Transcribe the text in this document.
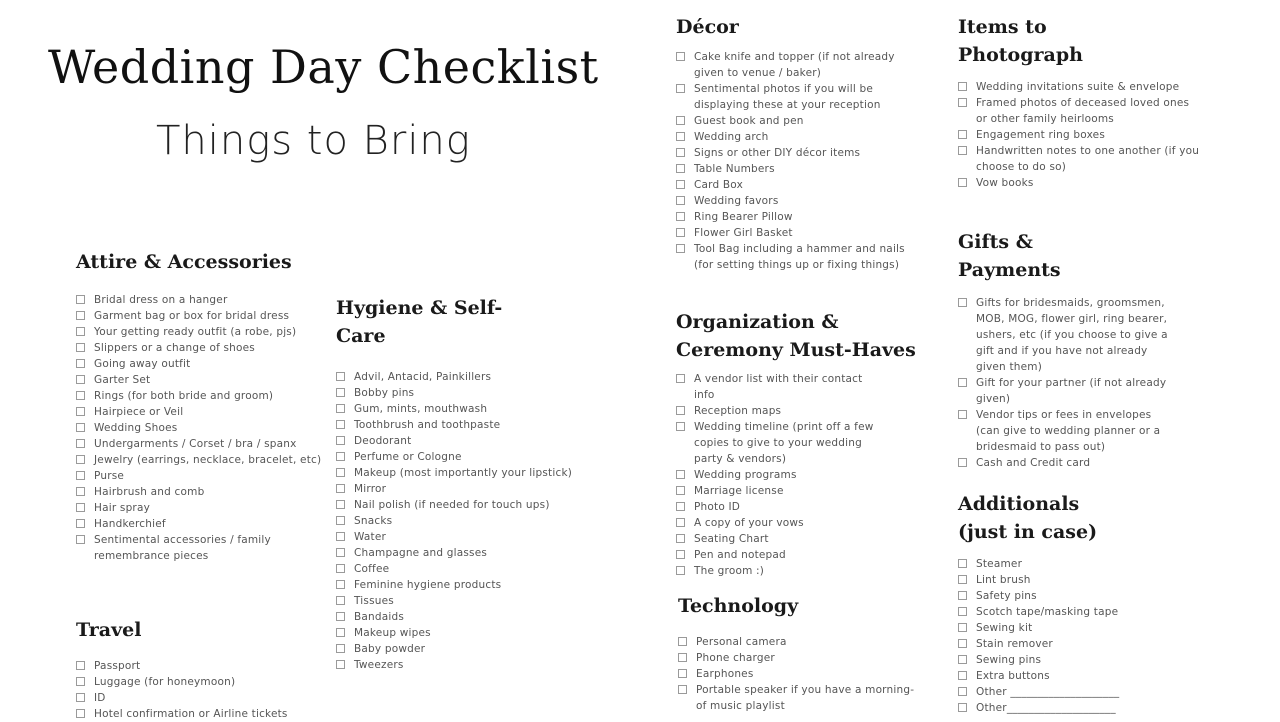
Wedding Day Checklist
Things to Bring
Attire & Accessories
Bridal dress on a hanger
Garment bag or box for bridal dress
Your getting ready outfit (a robe, pjs)
Slippers or a change of shoes
Going away outfit
Garter Set
Rings (for both bride and groom)
Hairpiece or Veil
Wedding Shoes
Undergarments / Corset / bra / spanx
Jewelry (earrings, necklace, bracelet, etc)
Purse
Hairbrush and comb
Hair spray
Handkerchief
Sentimental accessories / family
remembrance pieces
Travel
Passport
Luggage (for honeymoon)
ID
Hotel confirmation or Airline tickets
Hygiene & Self-
Care
Advil, Antacid, Painkillers
Bobby pins
Gum, mints, mouthwash
Toothbrush and toothpaste
Deodorant
Perfume or Cologne
Makeup (most importantly your lipstick)
Mirror
Nail polish (if needed for touch ups)
Snacks
Water
Champagne and glasses
Coffee
Feminine hygiene products
Tissues
Bandaids
Makeup wipes
Baby powder
Tweezers
Décor
Cake knife and topper (if not already
given to venue / baker)
Sentimental photos if you will be
displaying these at your reception
Guest book and pen
Wedding arch
Signs or other DIY décor items
Table Numbers
Card Box
Wedding favors
Ring Bearer Pillow
Flower Girl Basket
Tool Bag including a hammer and nails
(for setting things up or fixing things)
Organization &
Ceremony Must-Haves
A vendor list with their contact
info
Reception maps
Wedding timeline (print off a few
copies to give to your wedding
party & vendors)
Wedding programs
Marriage license
Photo ID
A copy of your vows
Seating Chart
Pen and notepad
The groom :)
Technology
Personal camera
Phone charger
Earphones
Portable speaker if you have a morning-
of music playlist
Items to
Photograph
Wedding invitations suite & envelope
Framed photos of deceased loved ones
or other family heirlooms
Engagement ring boxes
Handwritten notes to one another (if you
choose to do so)
Vow books
Gifts &
Payments
Gifts for bridesmaids, groomsmen,
MOB, MOG, flower girl, ring bearer,
ushers, etc (if you choose to give a
gift and if you have not already
given them)
Gift for your partner (if not already
given)
Vendor tips or fees in envelopes
(can give to wedding planner or a
bridesmaid to pass out)
Cash and Credit card
Additionals
(just in case)
Steamer
Lint brush
Safety pins
Scotch tape/masking tape
Sewing kit
Stain remover
Sewing pins
Extra buttons
Other ____________________
Other____________________
